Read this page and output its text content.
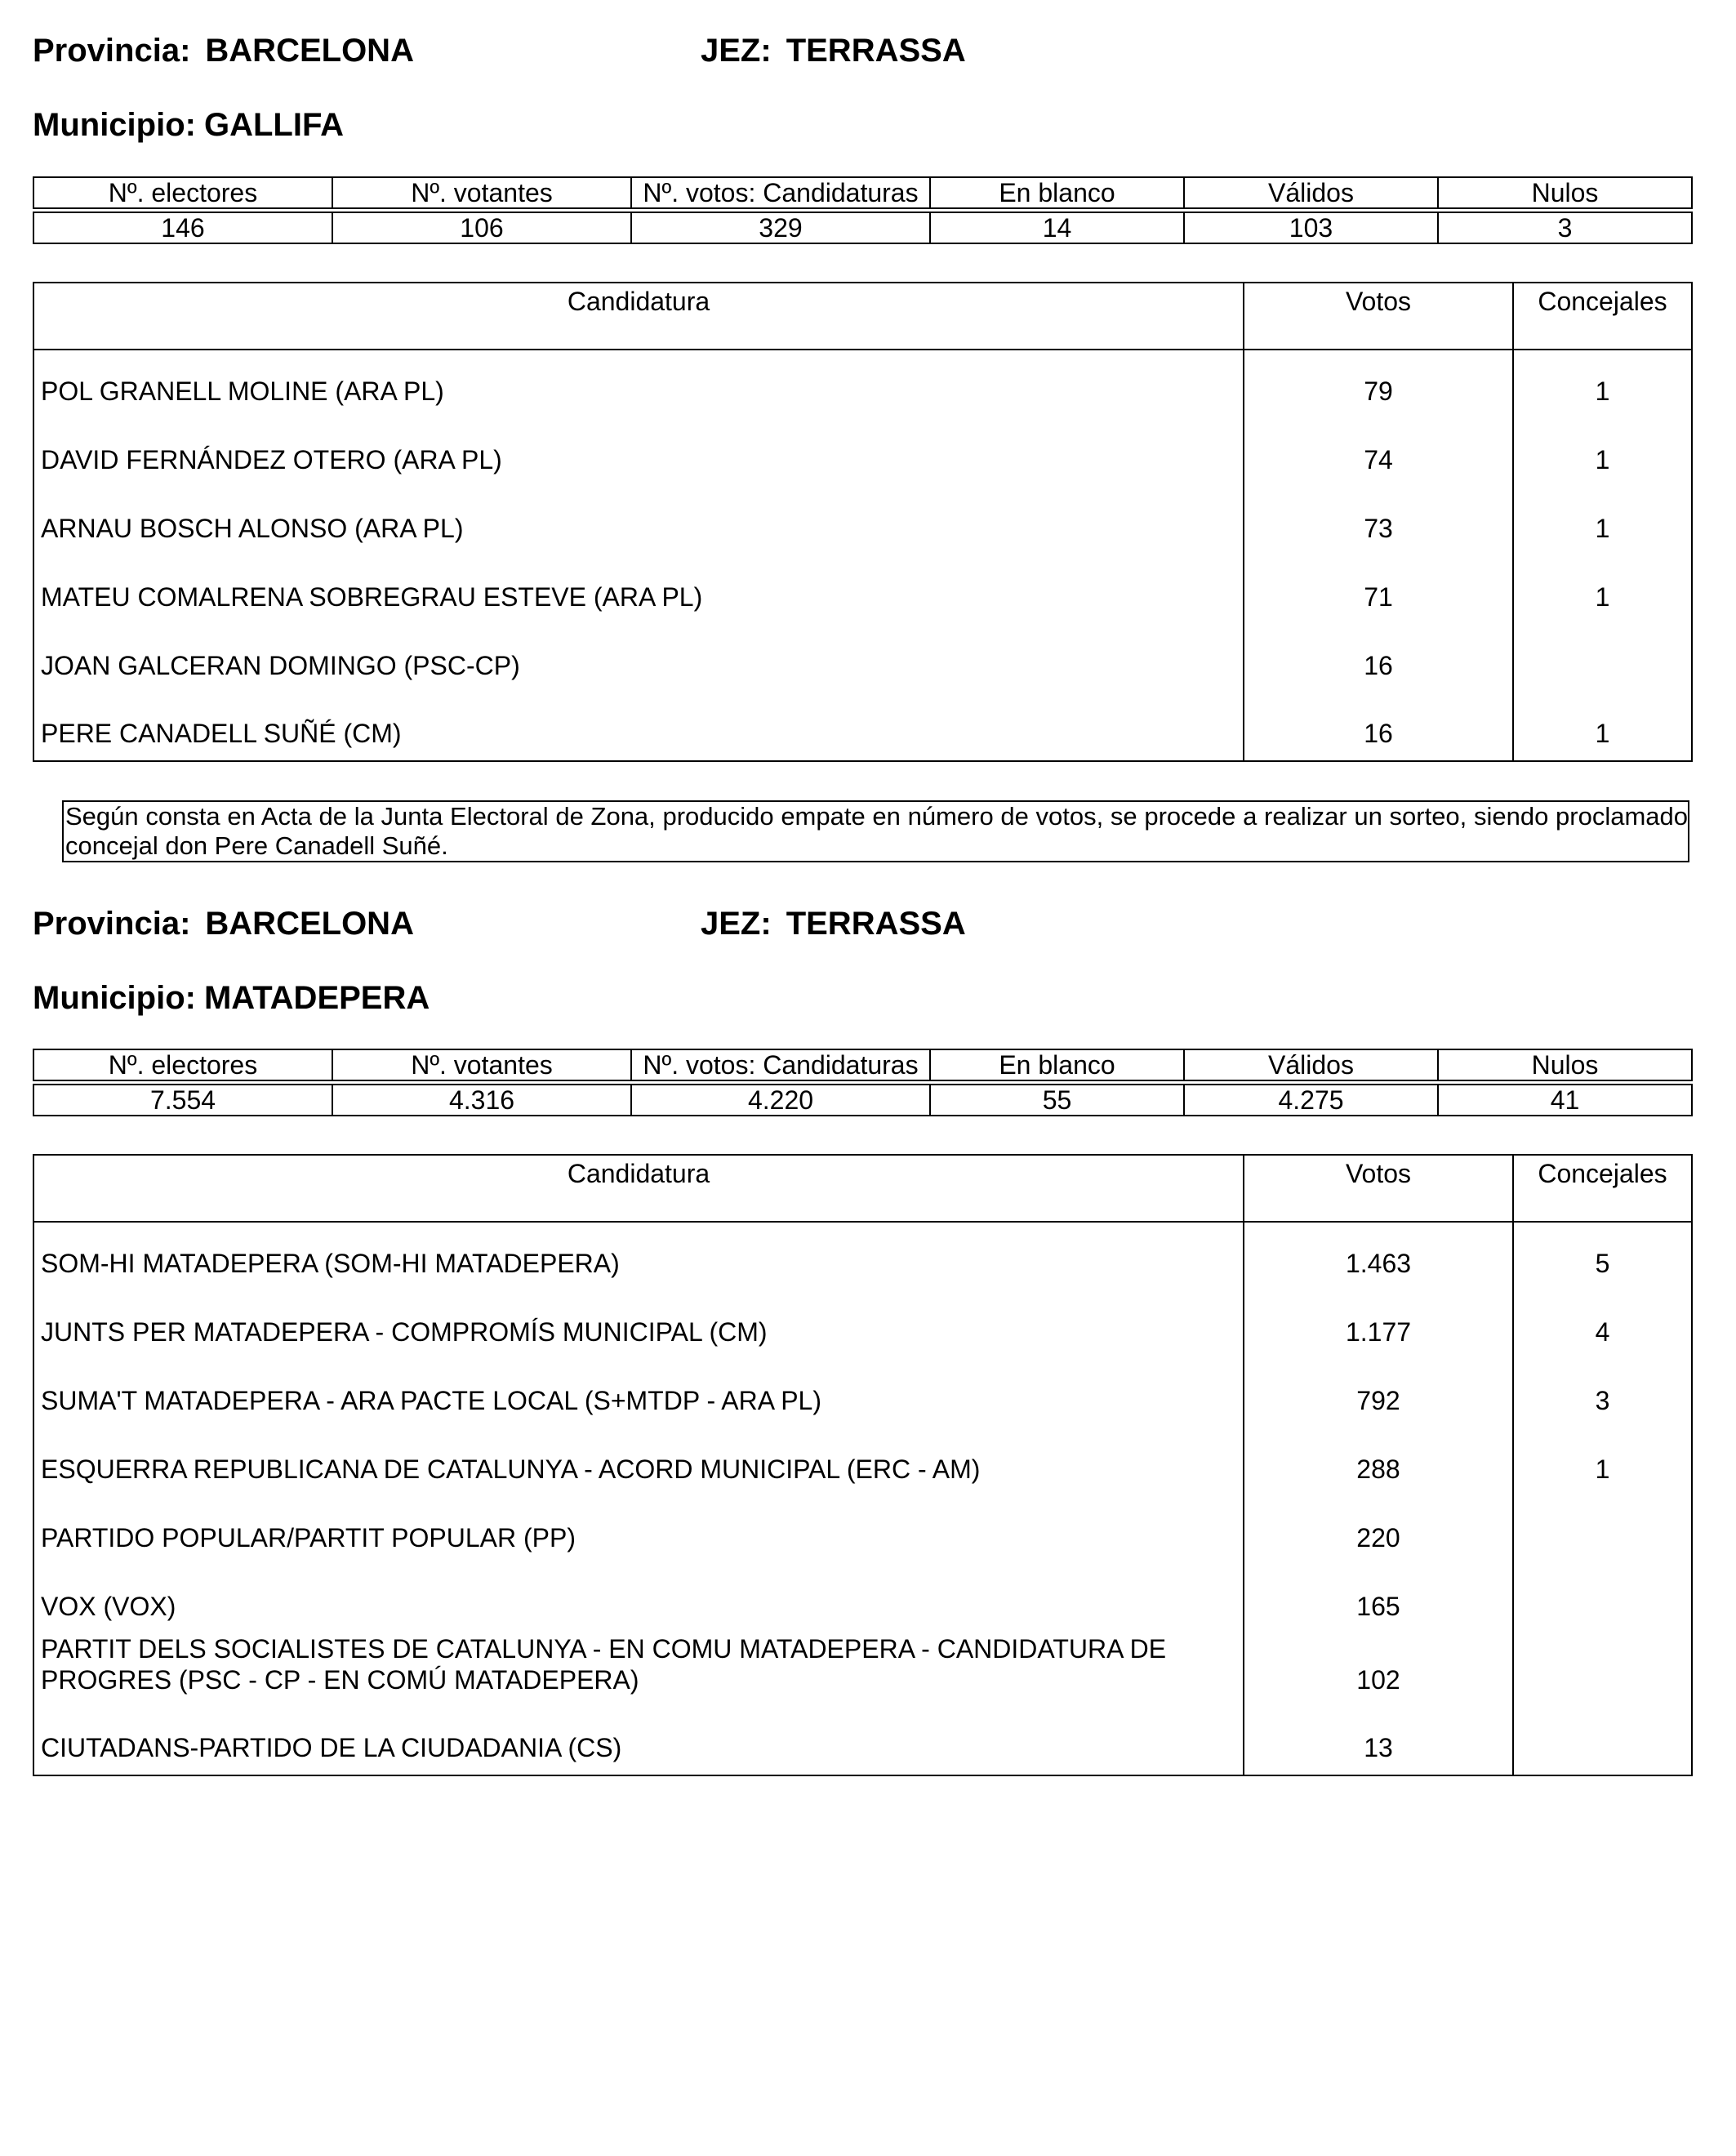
Provincia: BARCELONA	JEZ: TERRASSA
Municipio: GALLIFA
Nº. electores	Nº. votantes	Nº. votos: Candidaturas	En blanco	Válidos	Nulos
146	106	329	14	103	3
Candidatura	Votos	Concejales
POL GRANELL MOLINE (ARA PL)	79	1
DAVID FERNÁNDEZ OTERO (ARA PL)	74	1
ARNAU BOSCH ALONSO (ARA PL)	73	1
MATEU COMALRENA SOBREGRAU ESTEVE (ARA PL)	71	1
JOAN GALCERAN DOMINGO (PSC-CP)	16	
PERE CANADELL SUÑÉ (CM)	16	1
Según consta en Acta de la Junta Electoral de Zona, producido empate en número de votos, se procede a realizar un sorteo, siendo proclamado concejal don Pere Canadell Suñé.
Provincia: BARCELONA	JEZ: TERRASSA
Municipio: MATADEPERA
Nº. electores	Nº. votantes	Nº. votos: Candidaturas	En blanco	Válidos	Nulos
7.554	4.316	4.220	55	4.275	41
Candidatura	Votos	Concejales
SOM-HI MATADEPERA (SOM-HI MATADEPERA)	1.463	5
JUNTS PER MATADEPERA - COMPROMÍS MUNICIPAL (CM)	1.177	4
SUMA'T MATADEPERA - ARA PACTE LOCAL (S+MTDP - ARA PL)	792	3
ESQUERRA REPUBLICANA DE CATALUNYA - ACORD MUNICIPAL (ERC - AM)	288	1
PARTIDO POPULAR/PARTIT POPULAR (PP)	220	
VOX (VOX)	165	
PARTIT DELS SOCIALISTES DE CATALUNYA - EN COMU MATADEPERA - CANDIDATURA DE PROGRES (PSC - CP - EN COMÚ MATADEPERA)	102	
CIUTADANS-PARTIDO DE LA CIUDADANIA (CS)	13	
